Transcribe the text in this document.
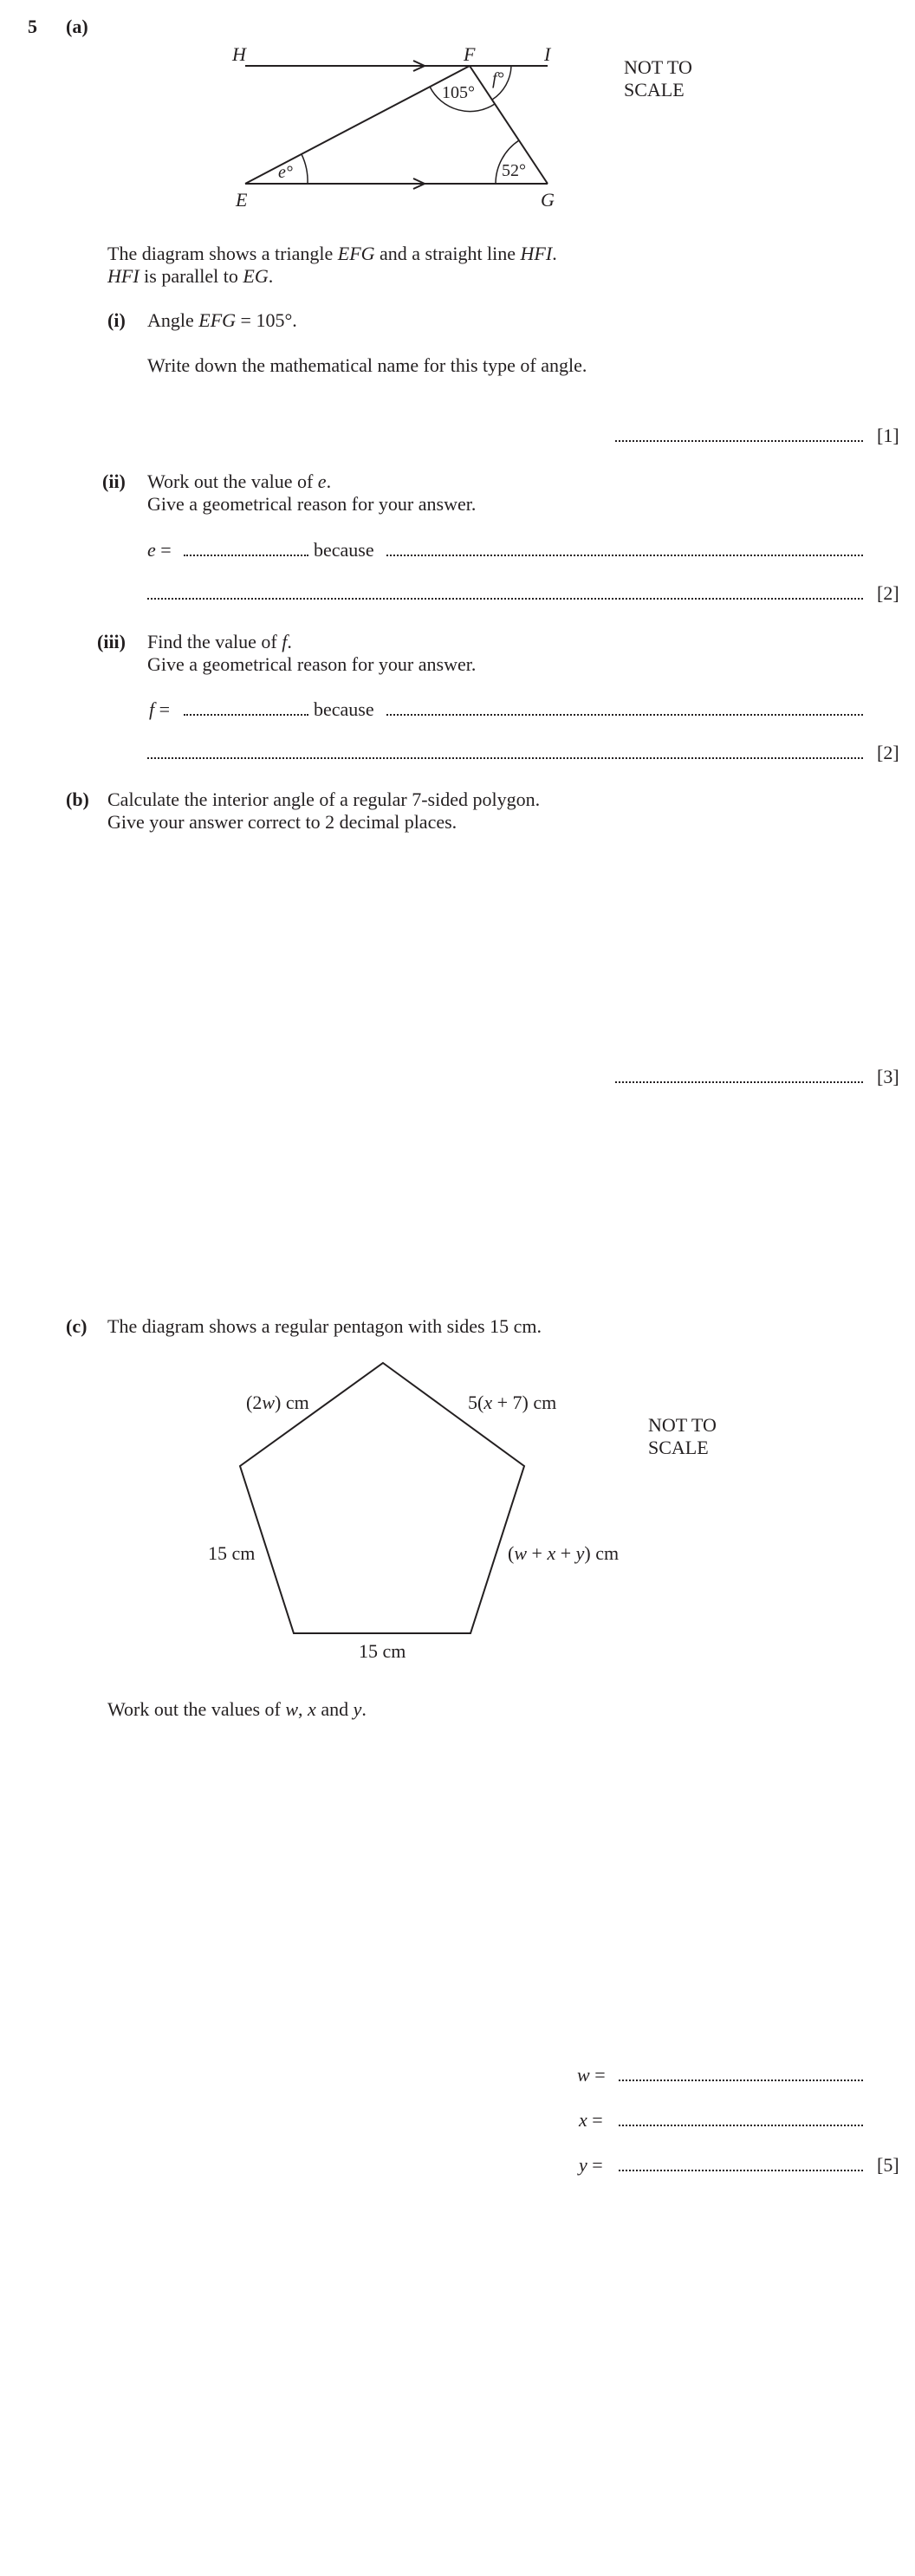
5 (a)
H	F	I
E	G
105°
f°
e°	52°
NOT TO
SCALE
The diagram shows a triangle EFG and a straight line HFI.
HFI is parallel to EG.
(i) Angle EFG = 105°.
Write down the mathematical name for this type of angle.
[1]
(ii) Work out the value of e.
Give a geometrical reason for your answer.
e =	because
[2]
(iii) Find the value of f.
Give a geometrical reason for your answer.
f =	because
[2]
(b) Calculate the interior angle of a regular 7-sided polygon.
Give your answer correct to 2 decimal places.
[3]
(c) The diagram shows a regular pentagon with sides 15 cm.
(2w) cm	5(x + 7) cm
(w + x + y) cm
15 cm
15 cm
NOT TO
SCALE
Work out the values of w, x and y.
w =
x =
y =	[5]
